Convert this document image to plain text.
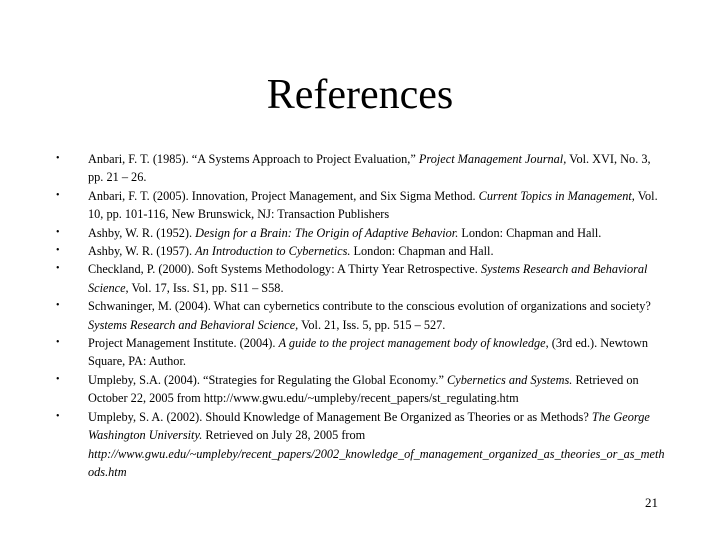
References
• Anbari, F. T. (1985). “A Systems Approach to Project Evaluation,” Project Management Journal, Vol. XVI, No. 3, pp. 21 – 26.
• Anbari, F. T. (2005). Innovation, Project Management, and Six Sigma Method. Current Topics in Management, Vol. 10, pp. 101-116, New Brunswick, NJ: Transaction Publishers
• Ashby, W. R. (1952). Design for a Brain: The Origin of Adaptive Behavior. London: Chapman and Hall.
• Ashby, W. R. (1957). An Introduction to Cybernetics. London: Chapman and Hall.
• Checkland, P. (2000). Soft Systems Methodology: A Thirty Year Retrospective. Systems Research and Behavioral Science, Vol. 17, Iss. S1, pp. S11 – S58.
• Schwaninger, M. (2004). What can cybernetics contribute to the conscious evolution of organizations and society? Systems Research and Behavioral Science, Vol. 21, Iss. 5, pp. 515 – 527.
• Project Management Institute. (2004). A guide to the project management body of knowledge, (3rd ed.). Newtown Square, PA: Author.
• Umpleby, S.A. (2004). “Strategies for Regulating the Global Economy.” Cybernetics and Systems. Retrieved on October 22, 2005 from http://www.gwu.edu/~umpleby/recent_papers/st_regulating.htm
• Umpleby, S. A. (2002). Should Knowledge of Management Be Organized as Theories or as Methods? The George Washington University. Retrieved on July 28, 2005 from
http://www.gwu.edu/~umpleby/recent_papers/2002_knowledge_of_management_organized_as_theories_or_as_methods.htm
21
